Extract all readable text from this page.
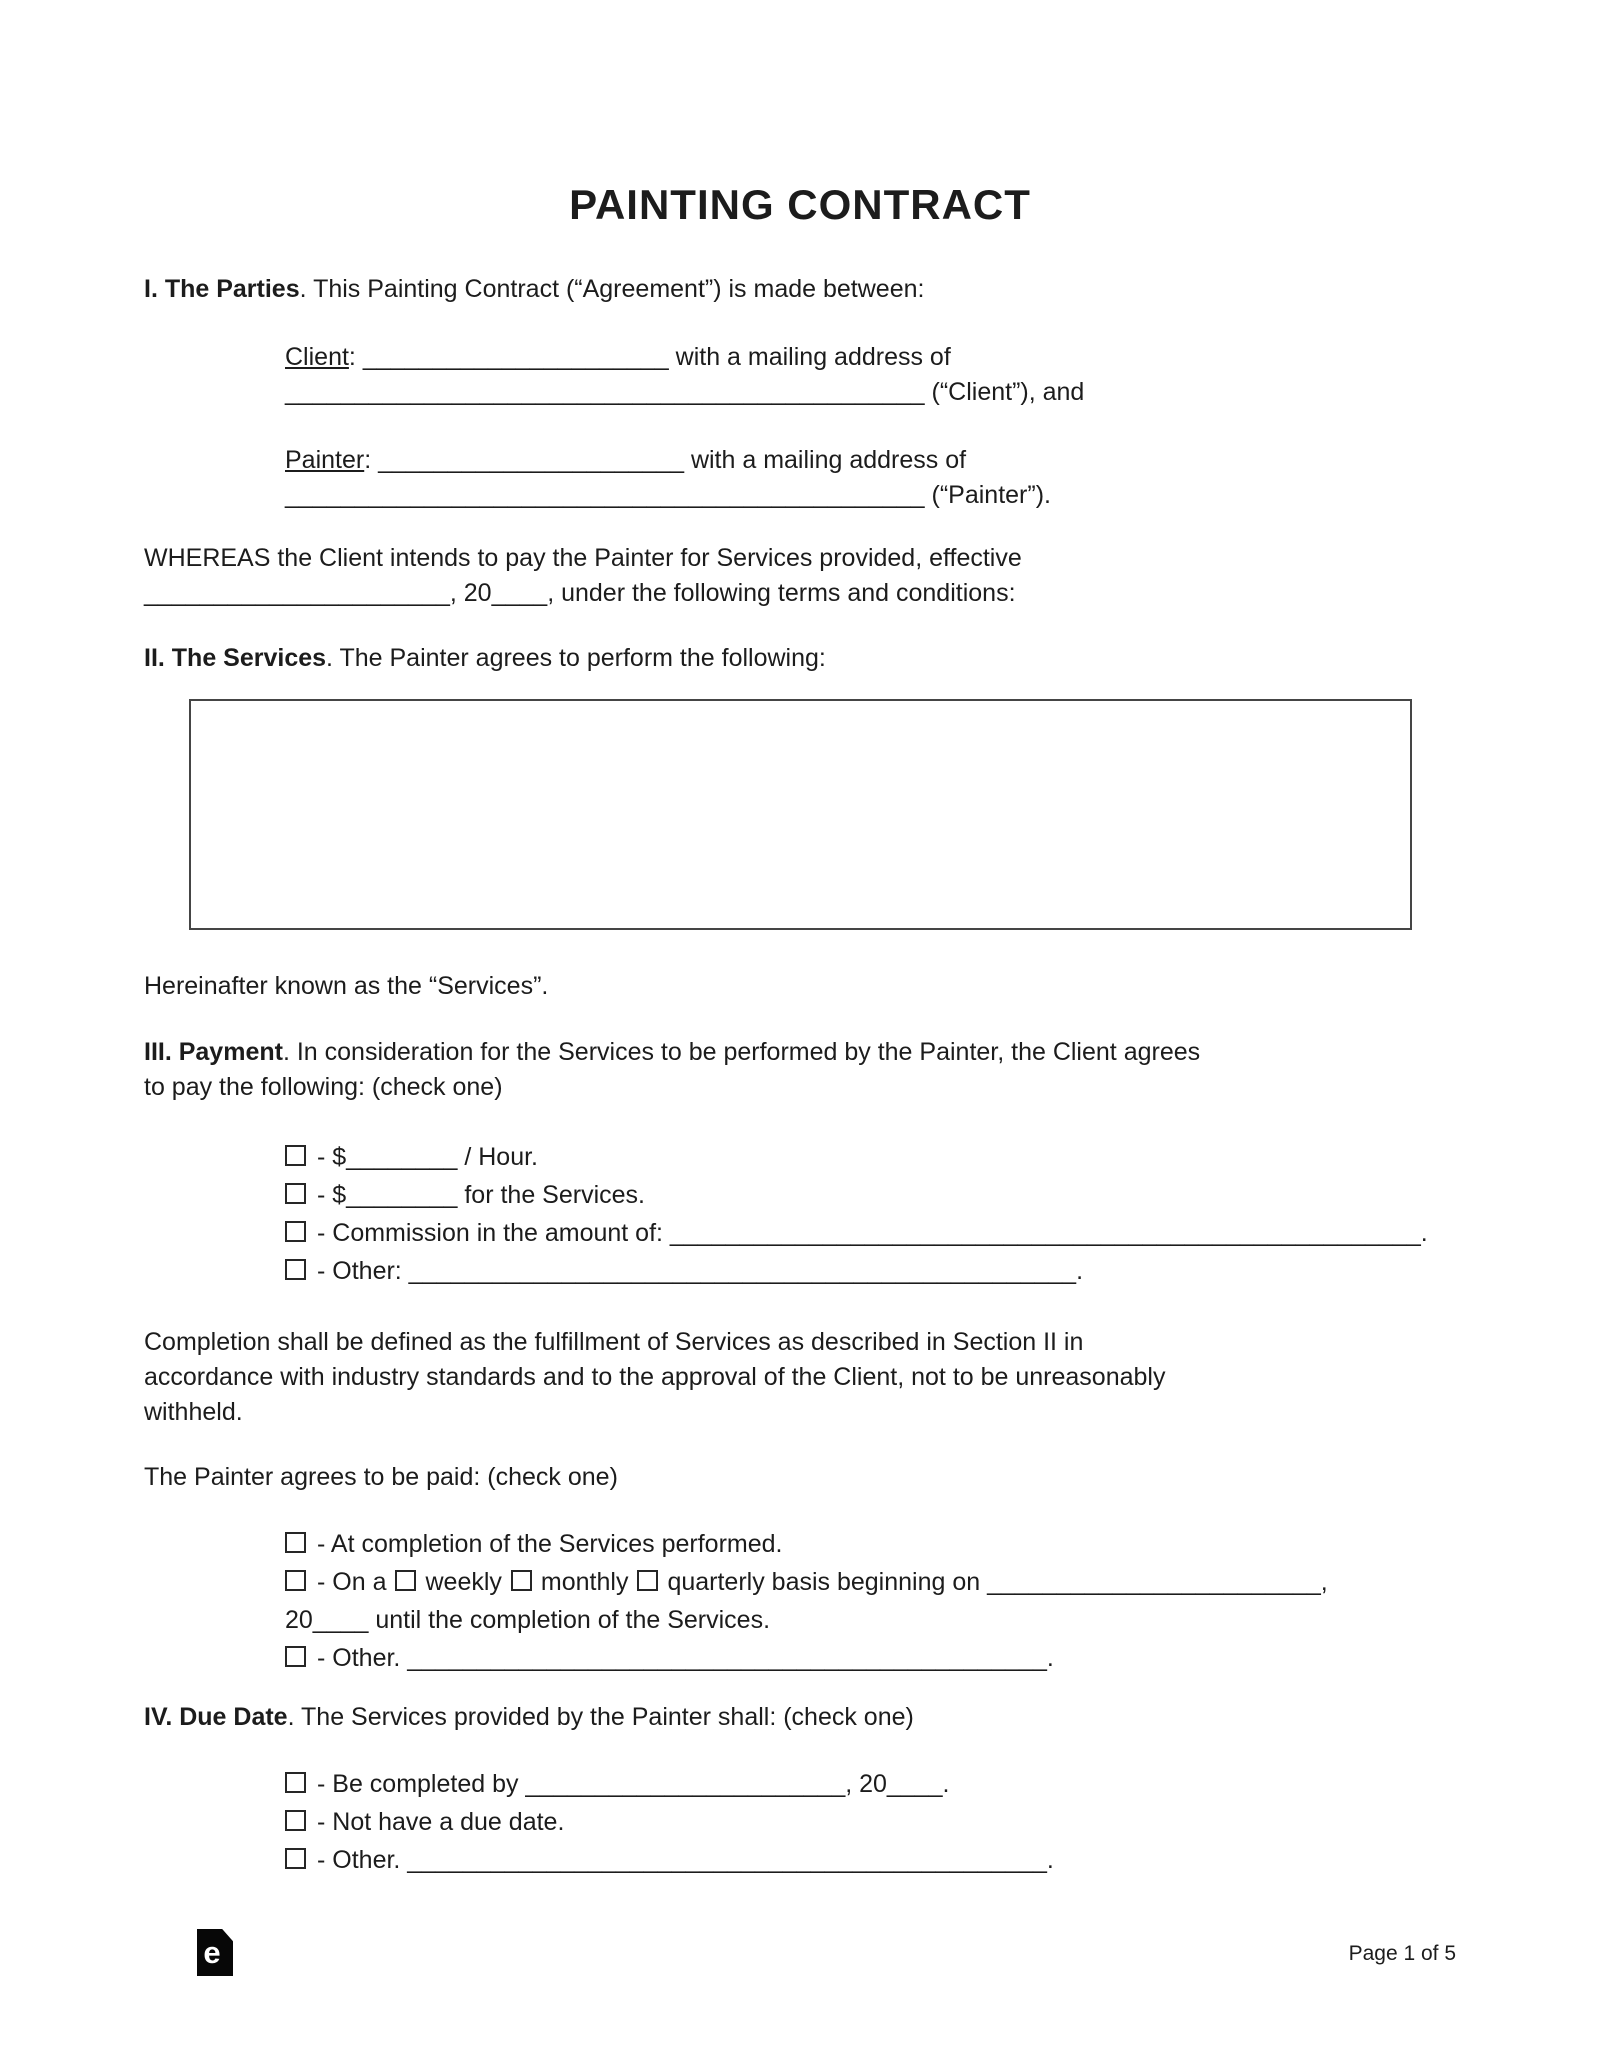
PAINTING CONTRACT
I. The Parties. This Painting Contract (“Agreement”) is made between:
Client: ______________________ with a mailing address of
______________________________________________ (“Client”), and
Painter: ______________________ with a mailing address of
______________________________________________ (“Painter”).
WHEREAS the Client intends to pay the Painter for Services provided, effective
______________________, 20____, under the following terms and conditions:
II. The Services. The Painter agrees to perform the following:
Hereinafter known as the “Services”.
III. Payment. In consideration for the Services to be performed by the Painter, the Client agrees
to pay the following: (check one)
- $________ / Hour.
- $________ for the Services.
- Commission in the amount of: ______________________________________________________.
- Other: ________________________________________________.
Completion shall be defined as the fulfillment of Services as described in Section II in
accordance with industry standards and to the approval of the Client, not to be unreasonably
withheld.
The Painter agrees to be paid: (check one)
- At completion of the Services performed.
- On a weekly monthly quarterly basis beginning on ________________________,
20____ until the completion of the Services.
- Other. ______________________________________________.
IV. Due Date. The Services provided by the Painter shall: (check one)
- Be completed by _______________________, 20____.
- Not have a due date.
- Other. ______________________________________________.
e	Page 1 of 5
